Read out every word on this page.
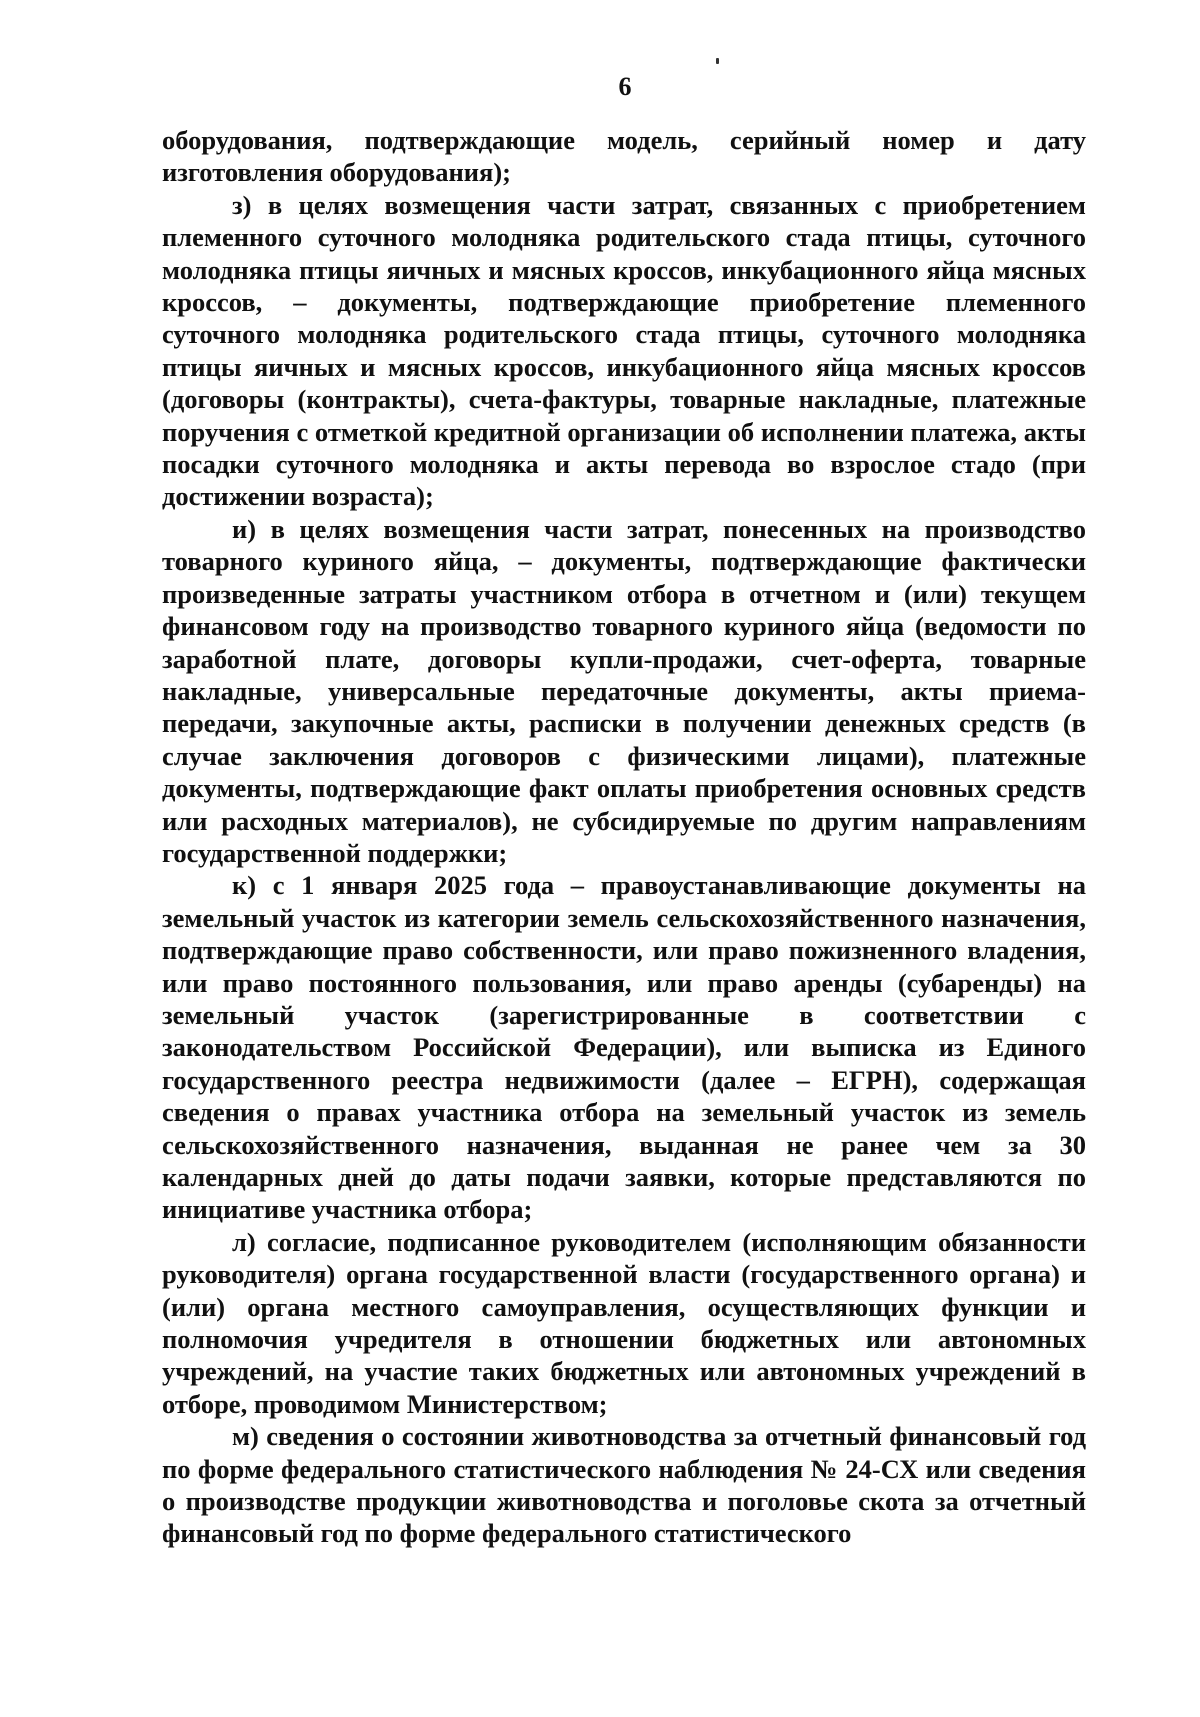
6

оборудования, подтверждающие модель, серийный номер и дату изготовления оборудования);

з) в целях возмещения части затрат, связанных с приобретением племенного суточного молодняка родительского стада птицы, суточного молодняка птицы яичных и мясных кроссов, инкубационного яйца мясных кроссов, – документы, подтверждающие приобретение племенного суточного молодняка родительского стада птицы, суточного молодняка птицы яичных и мясных кроссов, инкубационного яйца мясных кроссов (договоры (контракты), счета-фактуры, товарные накладные, платежные поручения с отметкой кредитной организации об исполнении платежа, акты посадки суточного молодняка и акты перевода во взрослое стадо (при достижении возраста);

и) в целях возмещения части затрат, понесенных на производство товарного куриного яйца, – документы, подтверждающие фактически произведенные затраты участником отбора в отчетном и (или) текущем финансовом году на производство товарного куриного яйца (ведомости по заработной плате, договоры купли-продажи, счет-оферта, товарные накладные, универсальные передаточные документы, акты приема-передачи, закупочные акты, расписки в получении денежных средств (в случае заключения договоров с физическими лицами), платежные документы, подтверждающие факт оплаты приобретения основных средств или расходных материалов), не субсидируемые по другим направлениям государственной поддержки;

к) с 1 января 2025 года – правоустанавливающие документы на земельный участок из категории земель сельскохозяйственного назначения, подтверждающие право собственности, или право пожизненного владения, или право постоянного пользования, или право аренды (субаренды) на земельный участок (зарегистрированные в соответствии с законодательством Российской Федерации), или выписка из Единого государственного реестра недвижимости (далее – ЕГРН), содержащая сведения о правах участника отбора на земельный участок из земель сельскохозяйственного назначения, выданная не ранее чем за 30 календарных дней до даты подачи заявки, которые представляются по инициативе участника отбора;

л) согласие, подписанное руководителем (исполняющим обязанности руководителя) органа государственной власти (государственного органа) и (или) органа местного самоуправления, осуществляющих функции и полномочия учредителя в отношении бюджетных или автономных учреждений, на участие таких бюджетных или автономных учреждений в отборе, проводимом Министерством;

м) сведения о состоянии животноводства за отчетный финансовый год по форме федерального статистического наблюдения № 24-СХ или сведения о производстве продукции животноводства и поголовье скота за отчетный финансовый год по форме федерального статистического
